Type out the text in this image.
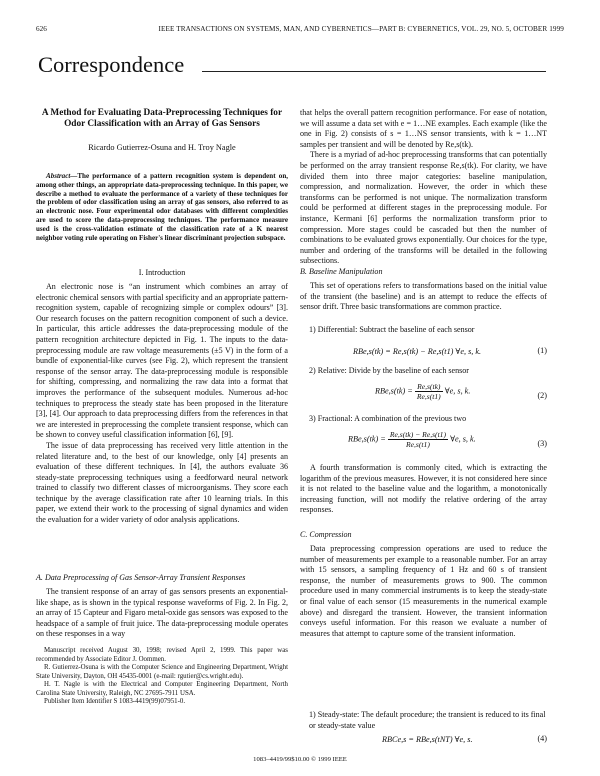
626	IEEE TRANSACTIONS ON SYSTEMS, MAN, AND CYBERNETICS—PART B: CYBERNETICS, VOL. 29, NO. 5, OCTOBER 1999
Correspondence
A Method for Evaluating Data-Preprocessing Techniques for Odor Classification with an Array of Gas Sensors
Ricardo Gutierrez-Osuna and H. Troy Nagle
Abstract—The performance of a pattern recognition system is dependent on, among other things, an appropriate data-preprocessing technique. In this paper, we describe a method to evaluate the performance of a variety of these techniques for the problem of odor classification using an array of gas sensors, also referred to as an electronic nose. Four experimental odor databases with different complexities are used to score the data-preprocessing techniques. The performance measure used is the cross-validation estimate of the classification rate of a K nearest neighbor voting rule operating on Fisher's linear discriminant projection subspace.
I. Introduction

An electronic nose is “an instrument which combines an array of electronic chemical sensors with partial specificity and an appropriate pattern-recognition system, capable of recognizing simple or complex odours” [3]. Our research focuses on the pattern recognition component of such a device. In particular, this article addresses the data-preprocessing module of the pattern recognition architecture depicted in Fig. 1. The inputs to the data-preprocessing module are raw voltage measurements (±5 V) in the form of a bundle of exponential-like curves (see Fig. 2), which represent the transient response of the sensor array. The data-preprocessing module is responsible for shifting, compressing, and normalizing the raw data into a format that improves the performance of the subsequent modules. Numerous ad-hoc techniques to preprocess the steady state has been proposed in the literature [3], [4]. Our approach to data preprocessing differs from the references in that we are interested in preprocessing the complete transient response, which can be shown to convey useful classification information [6], [9].

The issue of data preprocessing has received very little attention in the related literature and, to the best of our knowledge, only [4] presents an evaluation of these different techniques. In [4], the authors evaluate 36 steady-state preprocessing techniques using a feedforward neural network trained to classify two different classes of microorganisms. They score each technique by the average classification rate after 10 learning trials. In this paper, we extend their work to the processing of signal dynamics and widen the evaluation for a wider variety of odor analysis applications.

A. Data Preprocessing of Gas Sensor-Array Transient Responses

The transient response of an array of gas sensors presents an exponential-like shape, as is shown in the typical response waveforms of Fig. 2. In Fig. 2, an array of 15 Capteur and Figaro metal-oxide gas sensors was exposed to the headspace of a sample of fruit juice. The data-preprocessing module operates on these responses in a way

Manuscript received August 30, 1998; revised April 2, 1999. This paper was recommended by Associate Editor J. Oommen.

R. Gutierrez-Osuna is with the Computer Science and Engineering Department, Wright State University, Dayton, OH 45435-0001 (e-mail: rgutier@cs.wright.edu).

H. T. Nagle is with the Electrical and Computer Engineering Department, North Carolina State University, Raleigh, NC 27695-7911 USA.

Publisher Item Identifier S 1083-4419(99)07951-0.

that helps the overall pattern recognition performance. For ease of notation, we will assume a data set with e = 1…NE examples. Each example (like the one in Fig. 2) consists of s = 1…NS sensor transients, with k = 1…NT samples per transient and will be denoted by Re,s(tk).

There is a myriad of ad-hoc preprocessing transforms that can potentially be performed on the array transient response Re,s(tk). For clarity, we have divided them into three major categories: baseline manipulation, compression, and normalization. However, the order in which these transforms can be performed is not unique. The normalization transform could be performed at different stages in the preprocessing module. For instance, Kermani [6] performs the normalization transform prior to compression. More stages could be cascaded but then the number of combinations to be evaluated grows exponentially. Our choices for the type, number and ordering of the transforms will be detailed in the following subsections.

B. Baseline Manipulation

This set of operations refers to transformations based on the initial value of the transient (the baseline) and is an attempt to reduce the effects of sensor drift. Three basic transformations are common practice.

1) Differential: Subtract the baseline of each sensor
RBe,s(tk) = Re,s(tk) − Re,s(t1) ∀e, s, k.	(1)
2) Relative: Divide by the baseline of each sensor
$RBe,s(tk) = \frac{Re,s(tk)}{Re,s(t1)}$ ∀e, s, k.
(2)
3) Fractional: A combination of the previous two
$RBe,s(tk) = \frac{Re,s(tk) - Re,s(t1)}{Re,s(t1)}$ ∀e, s, k.
(3)

A fourth transformation is commonly cited, which is extracting the logarithm of the previous measures. However, it is not considered here since it is not related to the baseline value and the logarithm, a monotonically increasing function, will not modify the relative ordering of the array responses.

C. Compression

Data preprocessing compression operations are used to reduce the number of measurements per example to a reasonable number. For an array with 15 sensors, a sampling frequency of 1 Hz and 60 s of transient response, the number of measurements grows to 900. The common procedure used in many commercial instruments is to keep the steady-state or final value of each sensor (15 measurements in the numerical example above) and disregard the transient. However, the transient information conveys useful information. For this reason we evaluate a number of measures that attempt to capture some of the transient information.

1) Steady-state: The default procedure; the transient is reduced to its final or steady-state value
RBCe,s = RBe,s(tNT) ∀e, s.	(4)
1083–4419/99$10.00 © 1999 IEEE
